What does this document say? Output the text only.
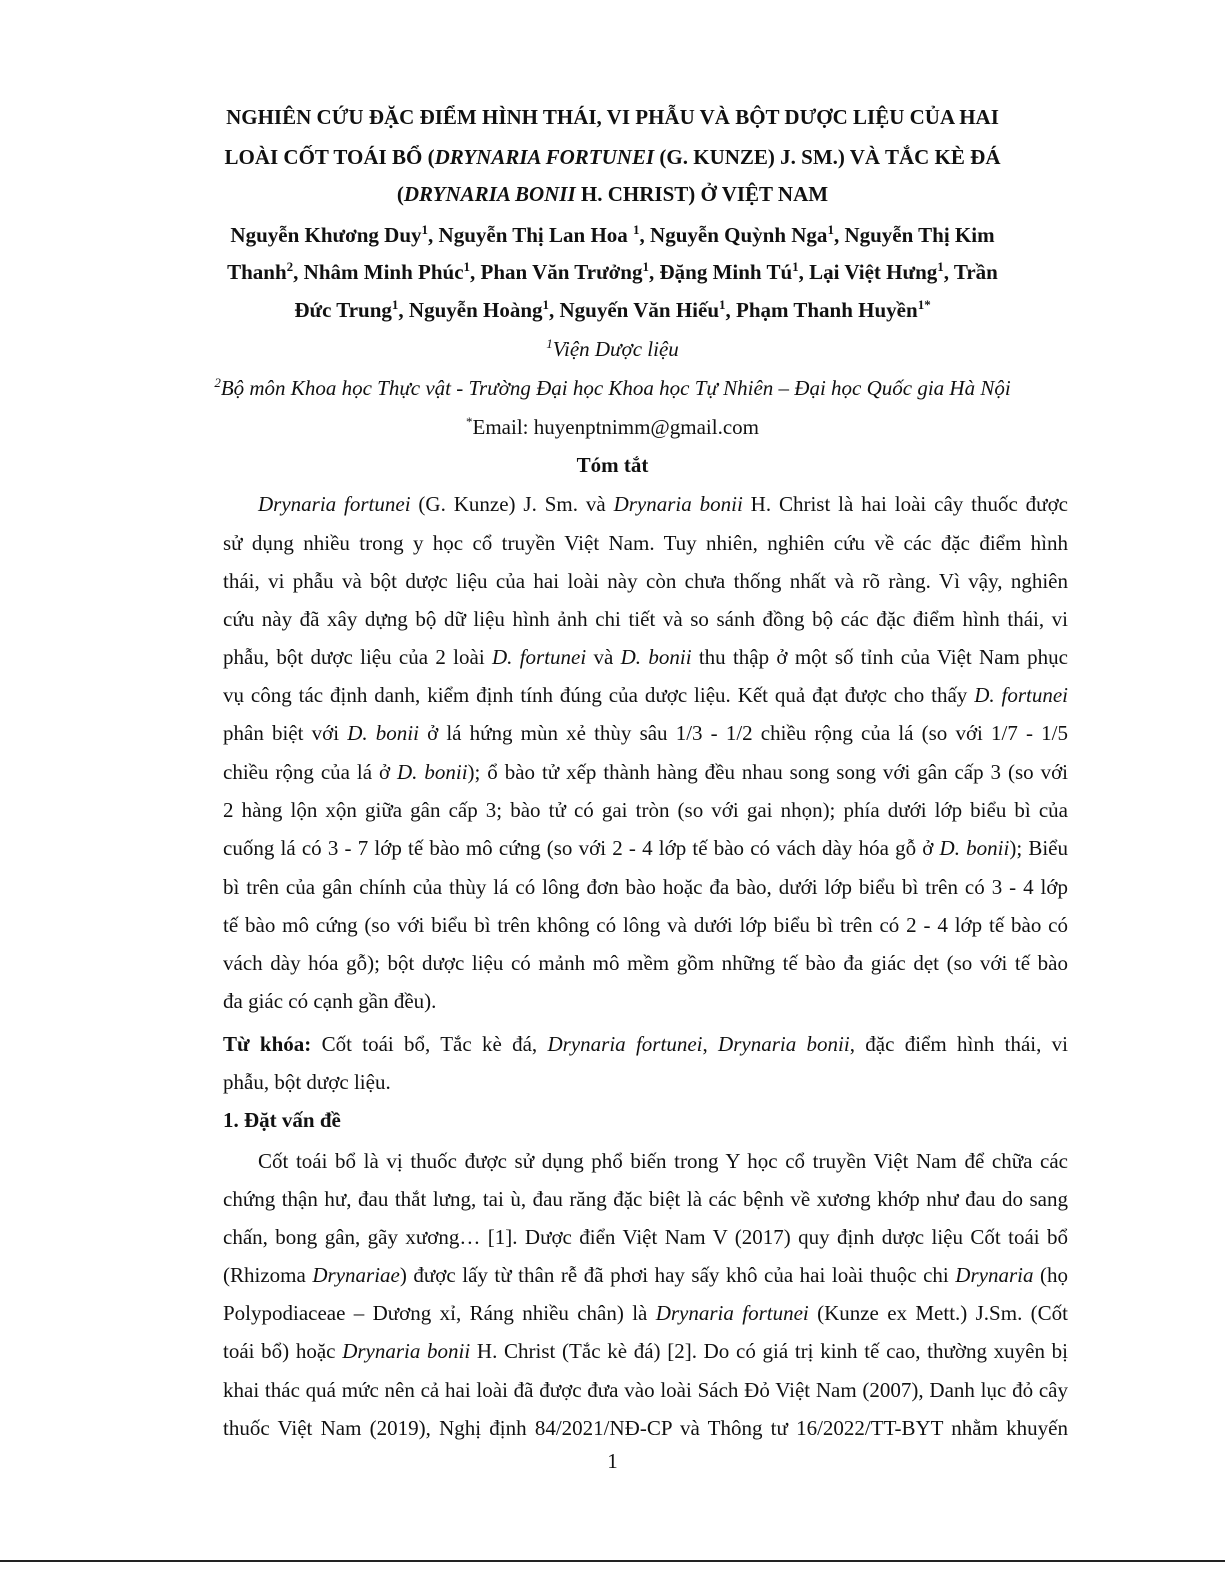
NGHIÊN CỨU ĐẶC ĐIỂM HÌNH THÁI, VI PHẪU VÀ BỘT DƯỢC LIỆU CỦA HAI
LOÀI CỐT TOÁI BỔ (DRYNARIA FORTUNEI (G. KUNZE) J. SM.) VÀ TẮC KÈ ĐÁ
(DRYNARIA BONII H. CHRIST) Ở VIỆT NAM
Nguyễn Khương Duy$^1$, Nguyễn Thị Lan Hoa $^1$, Nguyễn Quỳnh Nga$^1$, Nguyễn Thị Kim
Thanh$^2$, Nhâm Minh Phúc$^1$, Phan Văn Trưởng$^1$, Đặng Minh $Tú^1$, Lại Việt Hưng$^1$, Trần
Đức Trung$^1$, Nguyễn Hoàng$^1$, Nguyến Văn Hiếu$^1$, Phạm Thanh Huyền$^{1*}$
$^1$Viện Dược liệu
$^2$Bộ môn Khoa học Thực vật - Trường Đại học Khoa học Tự Nhiên – Đại học Quốc gia Hà Nội
*Email: huyenptnimm@gmail.com
Tóm tắt
Drynaria fortunei (G. Kunze) J. Sm. và Drynaria bonii H. Christ là hai loài cây thuốc được
sử dụng nhiều trong y học cổ truyền Việt Nam. Tuy nhiên, nghiên cứu về các đặc điểm hình
thái, vi phẫu và bột dược liệu của hai loài này còn chưa thống nhất và rõ ràng. Vì vậy, nghiên
cứu này đã xây dựng bộ dữ liệu hình ảnh chi tiết và so sánh đồng bộ các đặc điểm hình thái, vi
phẫu, bột dược liệu của 2 loài D. fortunei và D. bonii thu thập ở một số tỉnh của Việt Nam phục
vụ công tác định danh, kiểm định tính đúng của dược liệu. Kết quả đạt được cho thấy D. fortunei
phân biệt với D. bonii ở lá hứng mùn xẻ thùy sâu 1/3 - 1/2 chiều rộng của lá (so với 1/7 - 1/5
chiều rộng của lá ở D. bonii); ổ bào tử xếp thành hàng đều nhau song song với gân cấp 3 (so với
2 hàng lộn xộn giữa gân cấp 3; bào tử có gai tròn (so với gai nhọn); phía dưới lớp biểu bì của
cuống lá có 3 - 7 lớp tế bào mô cứng (so với 2 - 4 lớp tế bào có vách dày hóa gỗ ở D. bonii); Biểu
bì trên của gân chính của thùy lá có lông đơn bào hoặc đa bào, dưới lớp biểu bì trên có 3 - 4 lớp
tế bào mô cứng (so với biểu bì trên không có lông và dưới lớp biểu bì trên có 2 - 4 lớp tế bào có
vách dày hóa gỗ); bột dược liệu có mảnh mô mềm gồm những tế bào đa giác dẹt (so với tế bào
đa giác có cạnh gần đều).
Từ khóa: Cốt toái bổ, Tắc kè đá, Drynaria fortunei, Drynaria bonii, đặc điểm hình thái, vi
phẫu, bột dược liệu.
1. Đặt vấn đề
Cốt toái bổ là vị thuốc được sử dụng phổ biến trong Y học cổ truyền Việt Nam để chữa các
chứng thận hư, đau thắt lưng, tai ù, đau răng đặc biệt là các bệnh về xương khớp như đau do sang
chấn, bong gân, gãy xương… [1]. Dược điển Việt Nam V (2017) quy định dược liệu Cốt toái bổ
(Rhizoma Drynariae) được lấy từ thân rễ đã phơi hay sấy khô của hai loài thuộc chi Drynaria (họ
Polypodiaceae – Dương xỉ, Ráng nhiều chân) là Drynaria fortunei (Kunze ex Mett.) J.Sm. (Cốt
toái bổ) hoặc Drynaria bonii H. Christ (Tắc kè đá) [2]. Do có giá trị kinh tế cao, thường xuyên bị
khai thác quá mức nên cả hai loài đã được đưa vào loài Sách Đỏ Việt Nam (2007), Danh lục đỏ cây
thuốc Việt Nam (2019), Nghị định 84/2021/NĐ-CP và Thông tư 16/2022/TT-BYT nhằm khuyến
1
